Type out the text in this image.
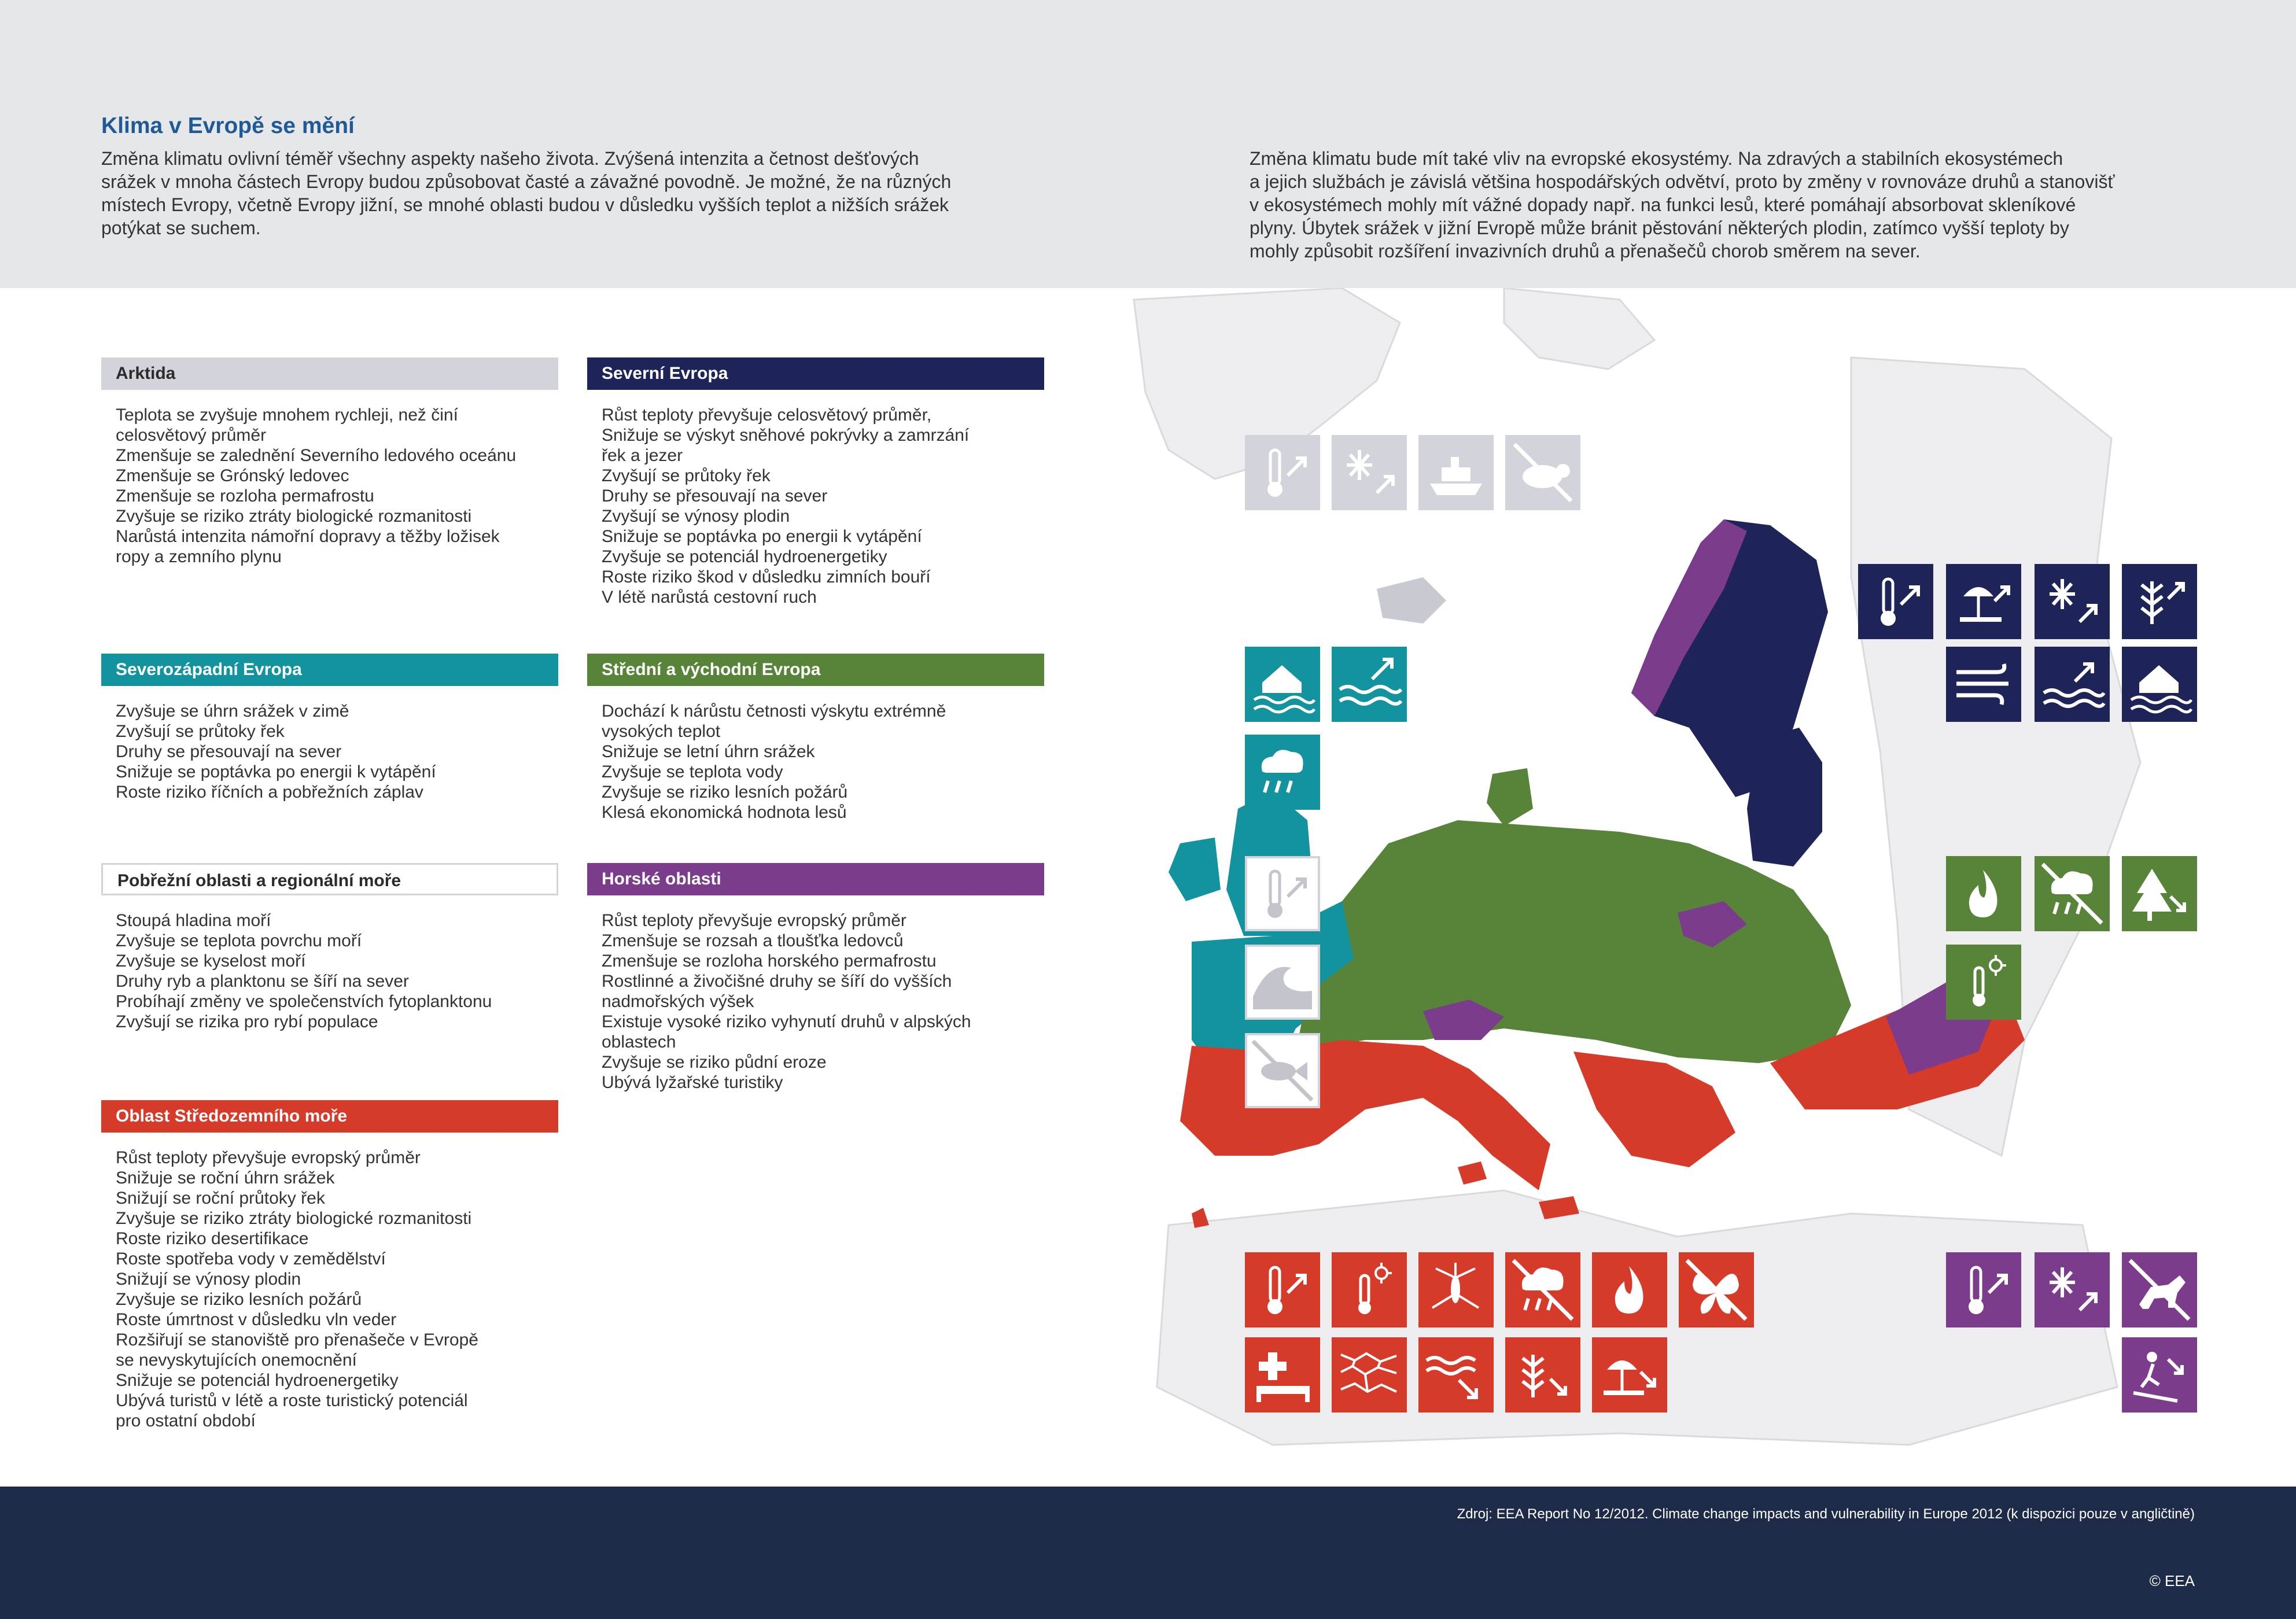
Klima v Evropě se mění
Změna klimatu ovlivní téměř všechny aspekty našeho života. Zvýšená intenzita a četnost dešťových
srážek v mnoha částech Evropy budou způsobovat časté a závažné povodně. Je možné, že na různých
místech Evropy, včetně Evropy jižní, se mnohé oblasti budou v důsledku vyšších teplot a nižších srážek
potýkat se suchem.
Změna klimatu bude mít také vliv na evropské ekosystémy. Na zdravých a stabilních ekosystémech
a jejich službách je závislá většina hospodářských odvětví, proto by změny v rovnováze druhů a stanovišť
v ekosystémech mohly mít vážné dopady např. na funkci lesů, které pomáhají absorbovat skleníkové
plyny. Úbytek srážek v jižní Evropě může bránit pěstování některých plodin, zatímco vyšší teploty by
mohly způsobit rozšíření invazivních druhů a přenašečů chorob směrem na sever.
Arktida
Teplota se zvyšuje mnohem rychleji, než činí
celosvětový průměr
Zmenšuje se zalednění Severního ledového oceánu
Zmenšuje se Grónský ledovec
Zmenšuje se rozloha permafrostu
Zvyšuje se riziko ztráty biologické rozmanitosti
Narůstá intenzita námořní dopravy a těžby ložisek
ropy a zemního plynu
Severní Evropa
Růst teploty převyšuje celosvětový průměr,
Snižuje se výskyt sněhové pokrývky a zamrzání
řek a jezer
Zvyšují se průtoky řek
Druhy se přesouvají na sever
Zvyšují se výnosy plodin
Snižuje se poptávka po energii k vytápění
Zvyšuje se potenciál hydroenergetiky
Roste riziko škod v důsledku zimních bouří
V létě narůstá cestovní ruch
Severozápadní Evropa
Zvyšuje se úhrn srážek v zimě
Zvyšují se průtoky řek
Druhy se přesouvají na sever
Snižuje se poptávka po energii k vytápění
Roste riziko říčních a pobřežních záplav
Střední a východní Evropa
Dochází k nárůstu četnosti výskytu extrémně
vysokých teplot
Snižuje se letní úhrn srážek
Zvyšuje se teplota vody
Zvyšuje se riziko lesních požárů
Klesá ekonomická hodnota lesů
Pobřežní oblasti a regionální moře
Stoupá hladina moří
Zvyšuje se teplota povrchu moří
Zvyšuje se kyselost moří
Druhy ryb a planktonu se šíří na sever
Probíhají změny ve společenstvích fytoplanktonu
Zvyšují se rizika pro rybí populace
Horské oblasti
Růst teploty převyšuje evropský průměr
Zmenšuje se rozsah a tloušťka ledovců
Zmenšuje se rozloha horského permafrostu
Rostlinné a živočišné druhy se šíří do vyšších
nadmořských výšek
Existuje vysoké riziko vyhynutí druhů v alpských
oblastech
Zvyšuje se riziko půdní eroze
Ubývá lyžařské turistiky
Oblast Středozemního moře
Růst teploty převyšuje evropský průměr
Snižuje se roční úhrn srážek
Snižují se roční průtoky řek
Zvyšuje se riziko ztráty biologické rozmanitosti
Roste riziko desertifikace
Roste spotřeba vody v zemědělství
Snižují se výnosy plodin
Zvyšuje se riziko lesních požárů
Roste úmrtnost v důsledku vln veder
Rozšiřují se stanoviště pro přenašeče v Evropě
se nevyskytujících onemocnění
Snižuje se potenciál hydroenergetiky
Ubývá turistů v létě a roste turistický potenciál
pro ostatní období
Zdroj: EEA Report No 12/2012. Climate change impacts and vulnerability in Europe 2012 (k dispozici pouze v angličtině)
© EEA
